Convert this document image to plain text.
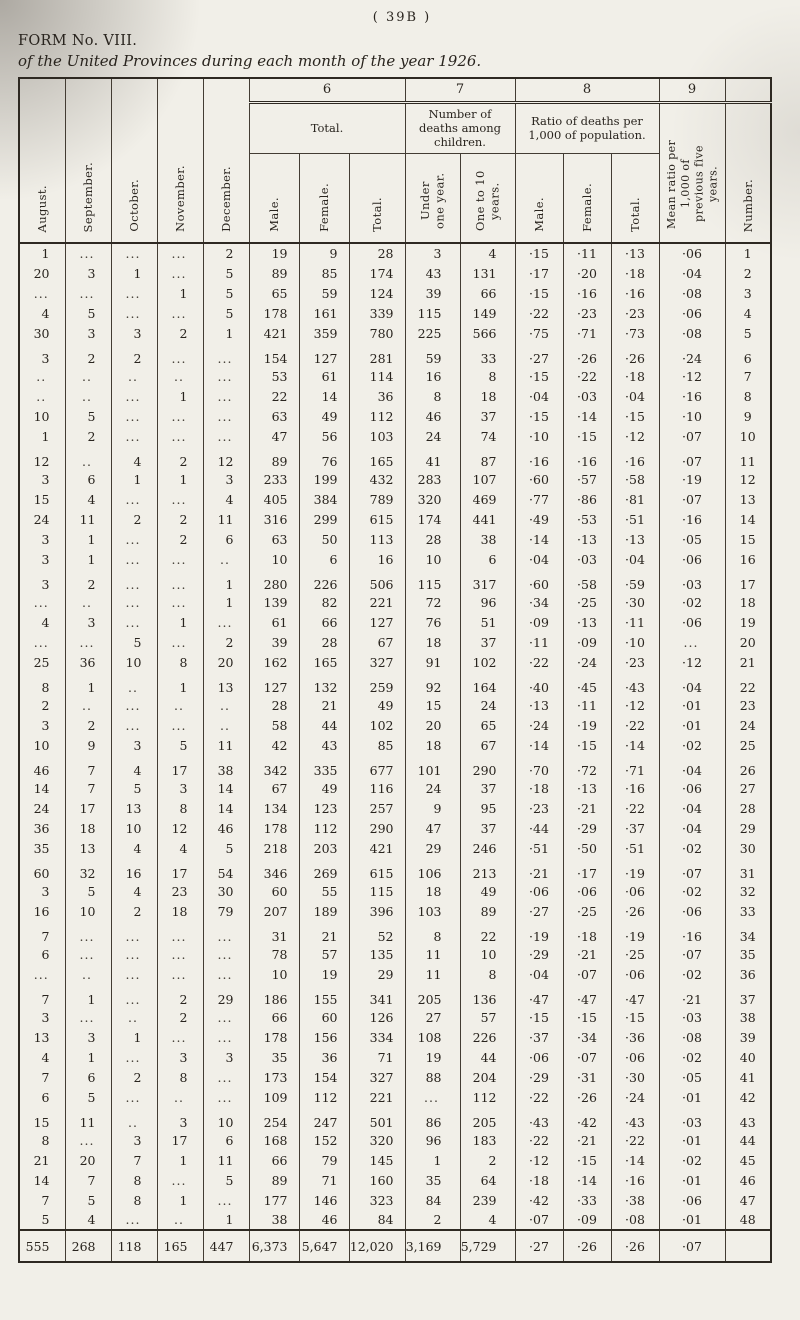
( 39B )
FORM No. VIII.
of the United Provinces during each month of the year 1926.
August.	September.	October.	November.	December.	6			7		8			9	
					Total.			Number of deaths among children.		Ratio of deaths per 1,000 of population.			Mean ratio per 1,000 of previous five years.	Number.
					Male.	Female.	Total.	Under one year.	One to 10 years.	Male.	Female.	Total.		
1	...	...	...	2	19	9	28	3	4	·15	·11	·13	·06	1
20	3	1	...	5	89	85	174	43	131	·17	·20	·18	·04	2
...	...	...	1	5	65	59	124	39	66	·15	·16	·16	·08	3
4	5	...	...	5	178	161	339	115	149	·22	·23	·23	·06	4
30	3	3	2	1	421	359	780	225	566	·75	·71	·73	·08	5
3	2	2	...	...	154	127	281	59	33	·27	·26	·26	·24	6
..	..	..	..	...	53	61	114	16	8	·15	·22	·18	·12	7
..	..	...	1	...	22	14	36	8	18	·04	·03	·04	·16	8
10	5	...	...	...	63	49	112	46	37	·15	·14	·15	·10	9
1	2	...	...	...	47	56	103	24	74	·10	·15	·12	·07	10
12	..	4	2	12	89	76	165	41	87	·16	·16	·16	·07	11
3	6	1	1	3	233	199	432	283	107	·60	·57	·58	·19	12
15	4	...	...	4	405	384	789	320	469	·77	·86	·81	·07	13
24	11	2	2	11	316	299	615	174	441	·49	·53	·51	·16	14
3	1	...	2	6	63	50	113	28	38	·14	·13	·13	·05	15
3	1	...	...	..	10	6	16	10	6	·04	·03	·04	·06	16
3	2	...	...	1	280	226	506	115	317	·60	·58	·59	·03	17
...	..	...	...	1	139	82	221	72	96	·34	·25	·30	·02	18
4	3	...	1	...	61	66	127	76	51	·09	·13	·11	·06	19
...	...	5	...	2	39	28	67	18	37	·11	·09	·10	...	20
25	36	10	8	20	162	165	327	91	102	·22	·24	·23	·12	21
8	1	..	1	13	127	132	259	92	164	·40	·45	·43	·04	22
2	..	...	..	..	28	21	49	15	24	·13	·11	·12	·01	23
3	2	...	...	..	58	44	102	20	65	·24	·19	·22	·01	24
10	9	3	5	11	42	43	85	18	67	·14	·15	·14	·02	25
46	7	4	17	38	342	335	677	101	290	·70	·72	·71	·04	26
14	7	5	3	14	67	49	116	24	37	·18	·13	·16	·06	27
24	17	13	8	14	134	123	257	9	95	·23	·21	·22	·04	28
36	18	10	12	46	178	112	290	47	37	·44	·29	·37	·04	29
35	13	4	4	5	218	203	421	29	246	·51	·50	·51	·02	30
60	32	16	17	54	346	269	615	106	213	·21	·17	·19	·07	31
3	5	4	23	30	60	55	115	18	49	·06	·06	·06	·02	32
16	10	2	18	79	207	189	396	103	89	·27	·25	·26	·06	33
7	...	...	...	...	31	21	52	8	22	·19	·18	·19	·16	34
6	...	...	...	...	78	57	135	11	10	·29	·21	·25	·07	35
...	..	...	...	...	10	19	29	11	8	·04	·07	·06	·02	36
7	1	...	2	29	186	155	341	205	136	·47	·47	·47	·21	37
3	...	..	2	...	66	60	126	27	57	·15	·15	·15	·03	38
13	3	1	...	...	178	156	334	108	226	·37	·34	·36	·08	39
4	1	...	3	3	35	36	71	19	44	·06	·07	·06	·02	40
7	6	2	8	...	173	154	327	88	204	·29	·31	·30	·05	41
6	5	...	..	...	109	112	221	...	112	·22	·26	·24	·01	42
15	11	..	3	10	254	247	501	86	205	·43	·42	·43	·03	43
8	...	3	17	6	168	152	320	96	183	·22	·21	·22	·01	44
21	20	7	1	11	66	79	145	1	2	·12	·15	·14	·02	45
14	7	8	...	5	89	71	160	35	64	·18	·14	·16	·01	46
7	5	8	1	...	177	146	323	84	239	·42	·33	·38	·06	47
5	4	...	..	1	38	46	84	2	4	·07	·09	·08	·01	48
555	268	118	165	447	6,373	5,647	12,020	3,169	5,729	·27	·26	·26	·07	
